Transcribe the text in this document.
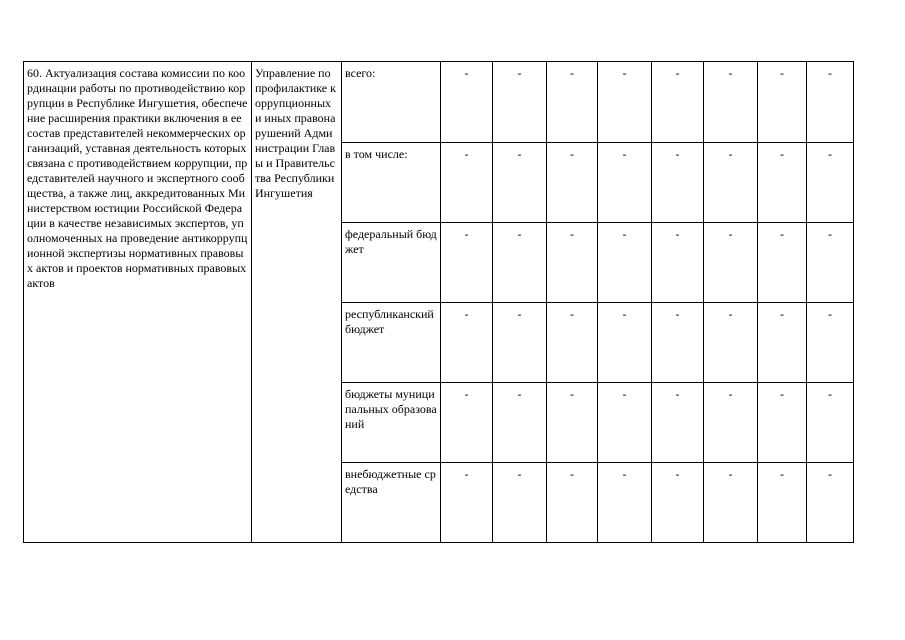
60. Актуализация состава комиссии по координации работы по противодействию коррупции в Республике Ингушетия, обеспечение расширения практики включения в ее состав представителей некоммерческих организаций, уставная деятельность которых связана с противодействием коррупции, представителей научного и экспертного сообщества, а также лиц, аккредитованных Министерством юстиции Российской Федерации в качестве независимых экспертов, уполномоченных на проведение антикоррупционной экспертизы нормативных правовых актов и проектов нормативных правовых актов	Управление по профилактике коррупционных и иных правонарушений Администрации Главы и Правительства Республики Ингушетия	всего:	-	-	-	-	-	-	-	-
		в том числе:	-	-	-	-	-	-	-	-
		федеральный бюджет	-	-	-	-	-	-	-	-
		республиканский бюджет	-	-	-	-	-	-	-	-
		бюджеты муниципальных образований	-	-	-	-	-	-	-	-
		внебюджетные средства	-	-	-	-	-	-	-	-
